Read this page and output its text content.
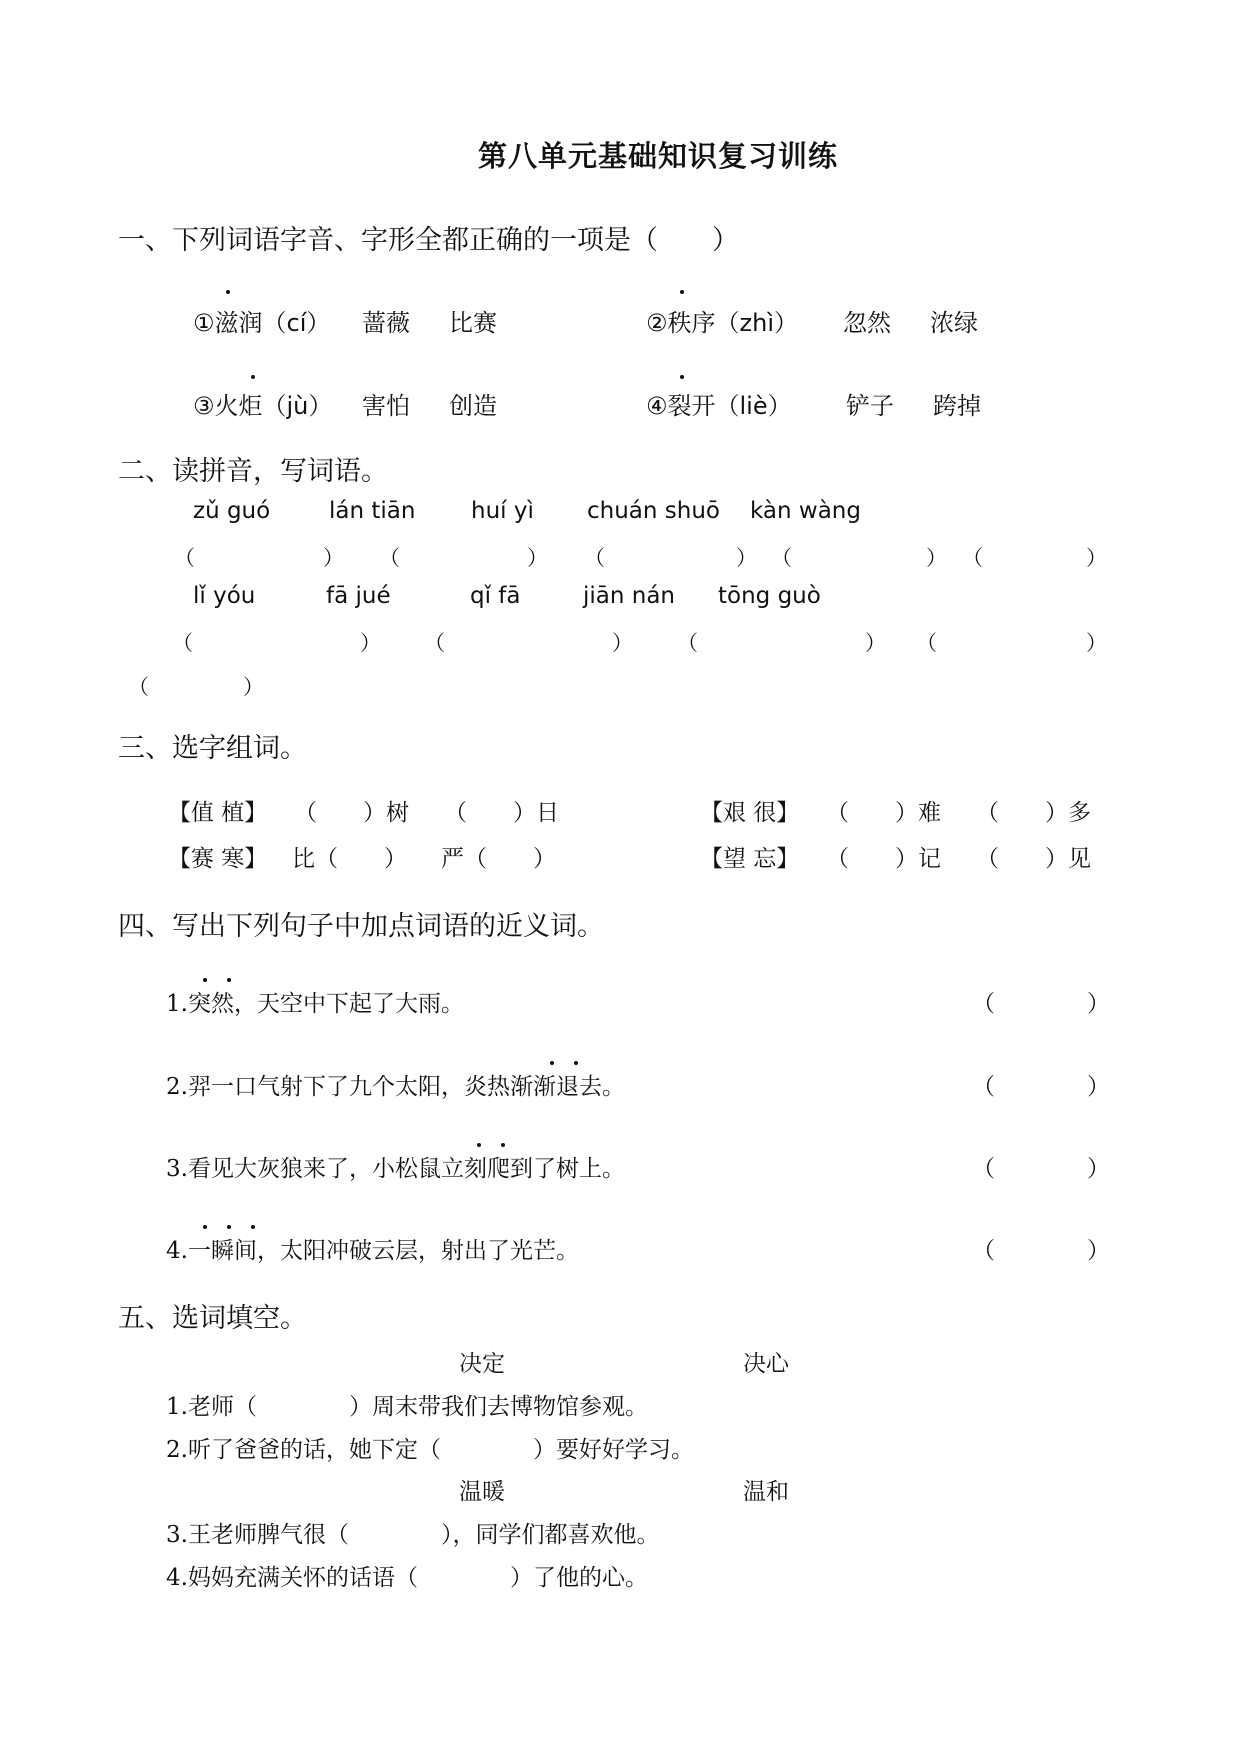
第八单元基础知识复习训练
一、下列词语字音、字形全都正确的一项是（　　）
①滋润（cí） 蔷薇 比赛	②秩序（zhì） 忽然 浓绿
③火炬（jù） 害怕 创造	④裂开（liè） 铲子 跨掉
二、读拼音，写词语。
zǔ guó	lán tiān huí yì chuán shuō kàn wàng
（	） （	） （	） （	） （	）
lǐ yóu	fā jué	qǐ fā	jiān nán tōng guò
（	） （	） （	） （	）
（	）
三、选字组词。
【值 植】 （　　）树 （　　）日	【艰 很】 （　　）难 （　　）多
【赛 寒】 比（　　） 严（　　）	【望 忘】 （　　）记 （　　）见
四、写出下列句子中加点词语的近义词。
1.突然，天空中下起了大雨。	（　　　　）
2.羿一口气射下了九个太阳，炎热渐渐退去。	（　　　　）
3.看见大灰狼来了，小松鼠立刻爬到了树上。	（　　　　）
4.一瞬间，太阳冲破云层，射出了光芒。	（　　　　）
五、选词填空。
决定	决心
1.老师（　　　　）周末带我们去博物馆参观。
2.听了爸爸的话，她下定（　　　　）要好好学习。
温暖	温和
3.王老师脾气很（　　　　），同学们都喜欢他。
4.妈妈充满关怀的话语（　　　　）了他的心。
